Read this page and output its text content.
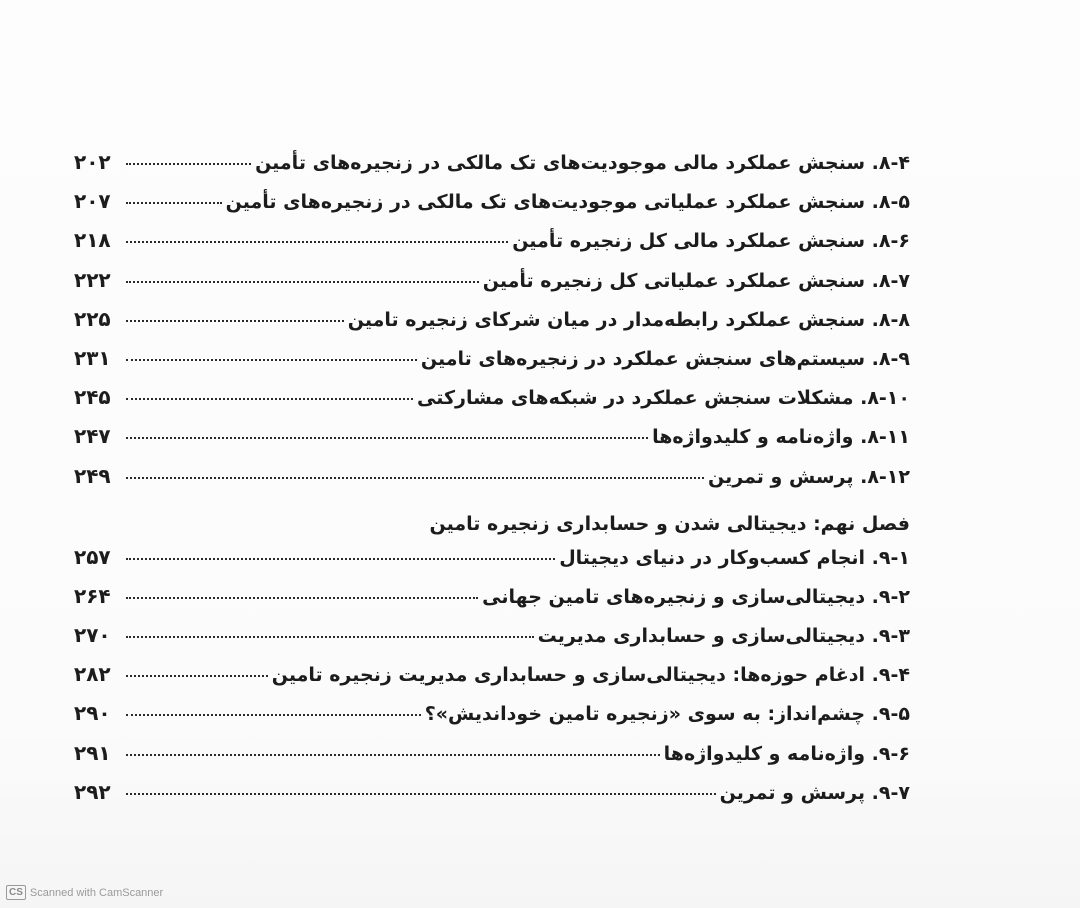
۸-۴. سنجش عملکرد مالی موجودیت‌های تک مالکی در زنجیره‌های تأمین
۲۰۲
۸-۵. سنجش عملکرد عملیاتی موجودیت‌های تک مالکی در زنجیره‌های تأمین
۲۰۷
۸-۶. سنجش عملکرد مالی کل زنجیره تأمین
۲۱۸
۸-۷. سنجش عملکرد عملیاتی کل زنجیره تأمین
۲۲۲
۸-۸. سنجش عملکرد رابطه‌مدار در میان شرکای زنجیره تامین
۲۲۵
۸-۹. سیستم‌های سنجش عملکرد در زنجیره‌های تامین
۲۳۱
۸-۱۰. مشکلات سنجش عملکرد در شبکه‌های مشارکتی
۲۴۵
۸-۱۱. واژه‌نامه و کلیدواژه‌ها
۲۴۷
۸-۱۲. پرسش و تمرین
۲۴۹
فصل نهم: دیجیتالی شدن و حسابداری زنجیره تامین
۹-۱. انجام کسب‌وکار در دنیای دیجیتال
۲۵۷
۹-۲. دیجیتالی‌سازی و زنجیره‌های تامین جهانی
۲۶۴
۹-۳. دیجیتالی‌سازی و حسابداری مدیریت
۲۷۰
۹-۴. ادغام حوزه‌ها: دیجیتالی‌سازی و حسابداری مدیریت زنجیره تامین
۲۸۲
۹-۵. چشم‌انداز: به سوی «زنجیره تامین خوداندیش»؟
۲۹۰
۹-۶. واژه‌نامه و کلیدواژه‌ها
۲۹۱
۹-۷. پرسش و تمرین
۲۹۲
CS Scanned with CamScanner
